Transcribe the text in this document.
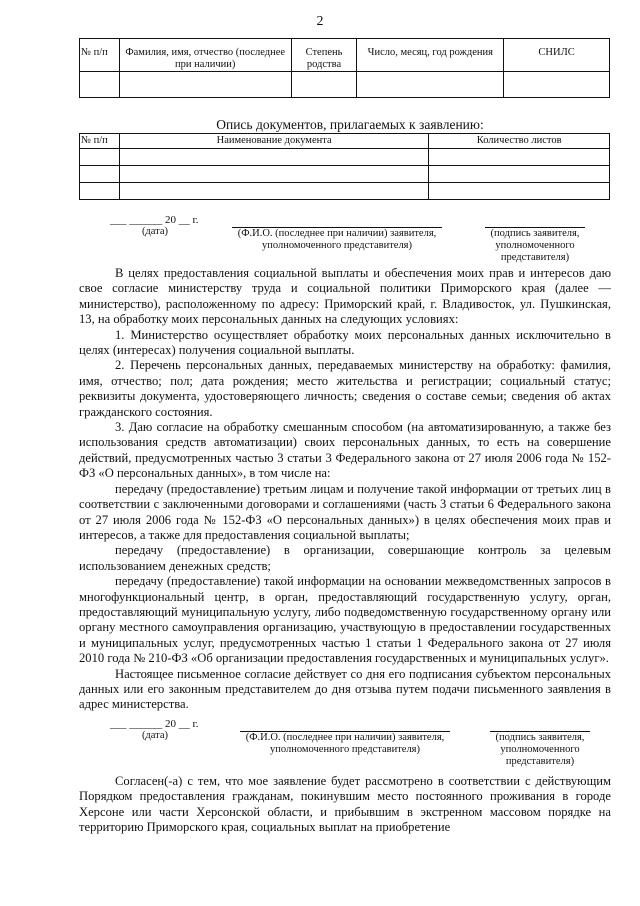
2
№ п/п	Фамилия, имя, отчество (последнее при наличии)	Степень родства	Число, месяц, год рождения	СНИЛС

Опись документов, прилагаемых к заявлению:
№ п/п	Наименование документа	Количество листов

___ ______ 20 __ г.
(дата)	(Ф.И.О. (последнее при наличии) заявителя, уполномоченного представителя)
(подпись заявителя, уполномоченного представителя)

В целях предоставления социальной выплаты и обеспечения моих прав и интересов даю свое согласие министерству труда и социальной политики Приморского края (далее — министерство), расположенному по адресу: Приморский край, г. Владивосток, ул. Пушкинская, 13, на обработку моих персональных данных на следующих условиях:

1. Министерство осуществляет обработку моих персональных данных исключительно в целях (интересах) получения социальной выплаты.

2. Перечень персональных данных, передаваемых министерству на обработку: фамилия, имя, отчество; пол; дата рождения; место жительства и регистрации; социальный статус; реквизиты документа, удостоверяющего личность; сведения о составе семьи; сведения об актах гражданского состояния.

3. Даю согласие на обработку смешанным способом (на автоматизированную, а также без использования средств автоматизации) своих персональных данных, то есть на совершение действий, предусмотренных частью 3 статьи 3 Федерального закона от 27 июля 2006 года № 152-ФЗ «О персональных данных», в том числе на:

передачу (предоставление) третьим лицам и получение такой информации от третьих лиц в соответствии с заключенными договорами и соглашениями (часть 3 статьи 6 Федерального закона от 27 июля 2006 года № 152-ФЗ «О персональных данных») в целях обеспечения моих прав и интересов, а также для предоставления социальной выплаты;

передачу (предоставление) в организации, совершающие контроль за целевым использованием денежных средств;

передачу (предоставление) такой информации на основании межведомственных запросов в многофункциональный центр, в орган, предоставляющий государственную услугу, орган, предоставляющий муниципальную услугу, либо подведомственную государственному органу или органу местного самоуправления организацию, участвующую в предоставлении государственных и муниципальных услуг, предусмотренных частью 1 статьи 1 Федерального закона от 27 июля 2010 года № 210-ФЗ «Об организации предоставления государственных и муниципальных услуг».

Настоящее письменное согласие действует со дня его подписания субъектом персональных данных или его законным представителем до дня отзыва путем подачи письменного заявления в адрес министерства.

___ ______ 20 __ г.
(дата)	(Ф.И.О. (последнее при наличии) заявителя, уполномоченного представителя)
(подпись заявителя, уполномоченного представителя)

Согласен(-а) с тем, что мое заявление будет рассмотрено в соответствии с действующим Порядком предоставления гражданам, покинувшим место постоянного проживания в городе Херсоне или части Херсонской области, и прибывшим в экстренном массовом порядке на территорию Приморского края, социальных выплат на приобретение
